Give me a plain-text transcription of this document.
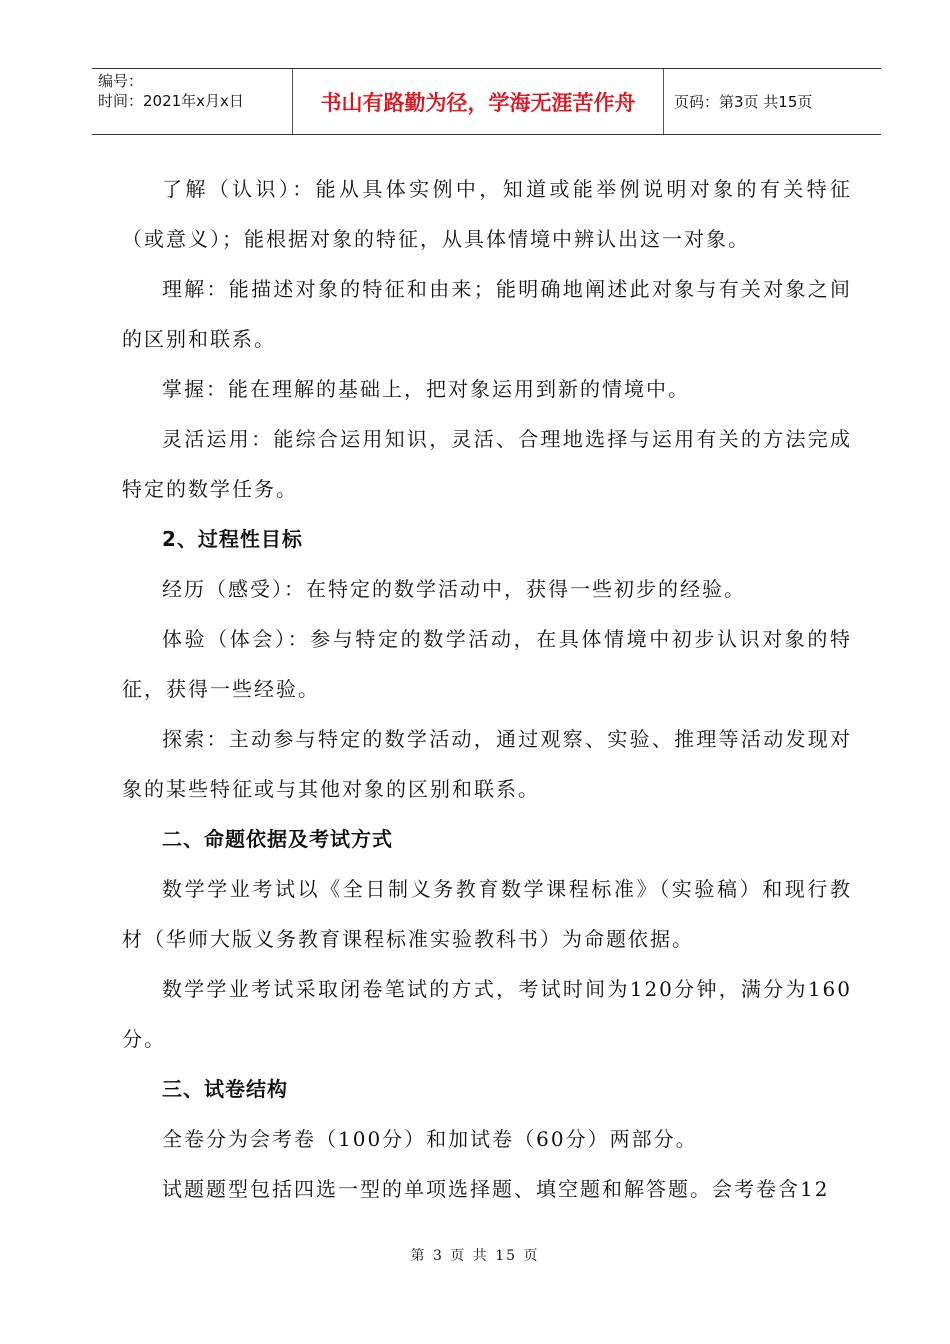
编号：
时间：2021年x月x日	书山有路勤为径，学海无涯苦作舟	页码：第3页 共15页

了解（认识）：能从具体实例中，知道或能举例说明对象的有关特征（或意义）；能根据对象的特征，从具体情境中辨认出这一对象。

理解：能描述对象的特征和由来；能明确地阐述此对象与有关对象之间的区别和联系。

掌握：能在理解的基础上，把对象运用到新的情境中。

灵活运用：能综合运用知识，灵活、合理地选择与运用有关的方法完成特定的数学任务。

2、过程性目标

经历（感受）：在特定的数学活动中，获得一些初步的经验。

体验（体会）：参与特定的数学活动，在具体情境中初步认识对象的特征，获得一些经验。

探索：主动参与特定的数学活动，通过观察、实验、推理等活动发现对象的某些特征或与其他对象的区别和联系。

二、命题依据及考试方式

数学学业考试以《全日制义务教育数学课程标准》（实验稿）和现行教材（华师大版义务教育课程标准实验教科书）为命题依据。

数学学业考试采取闭卷笔试的方式，考试时间为120分钟，满分为160分。

三、试卷结构

全卷分为会考卷（100分）和加试卷（60分）两部分。

试题题型包括四选一型的单项选择题、填空题和解答题。会考卷含12

第 3 页 共 15 页
